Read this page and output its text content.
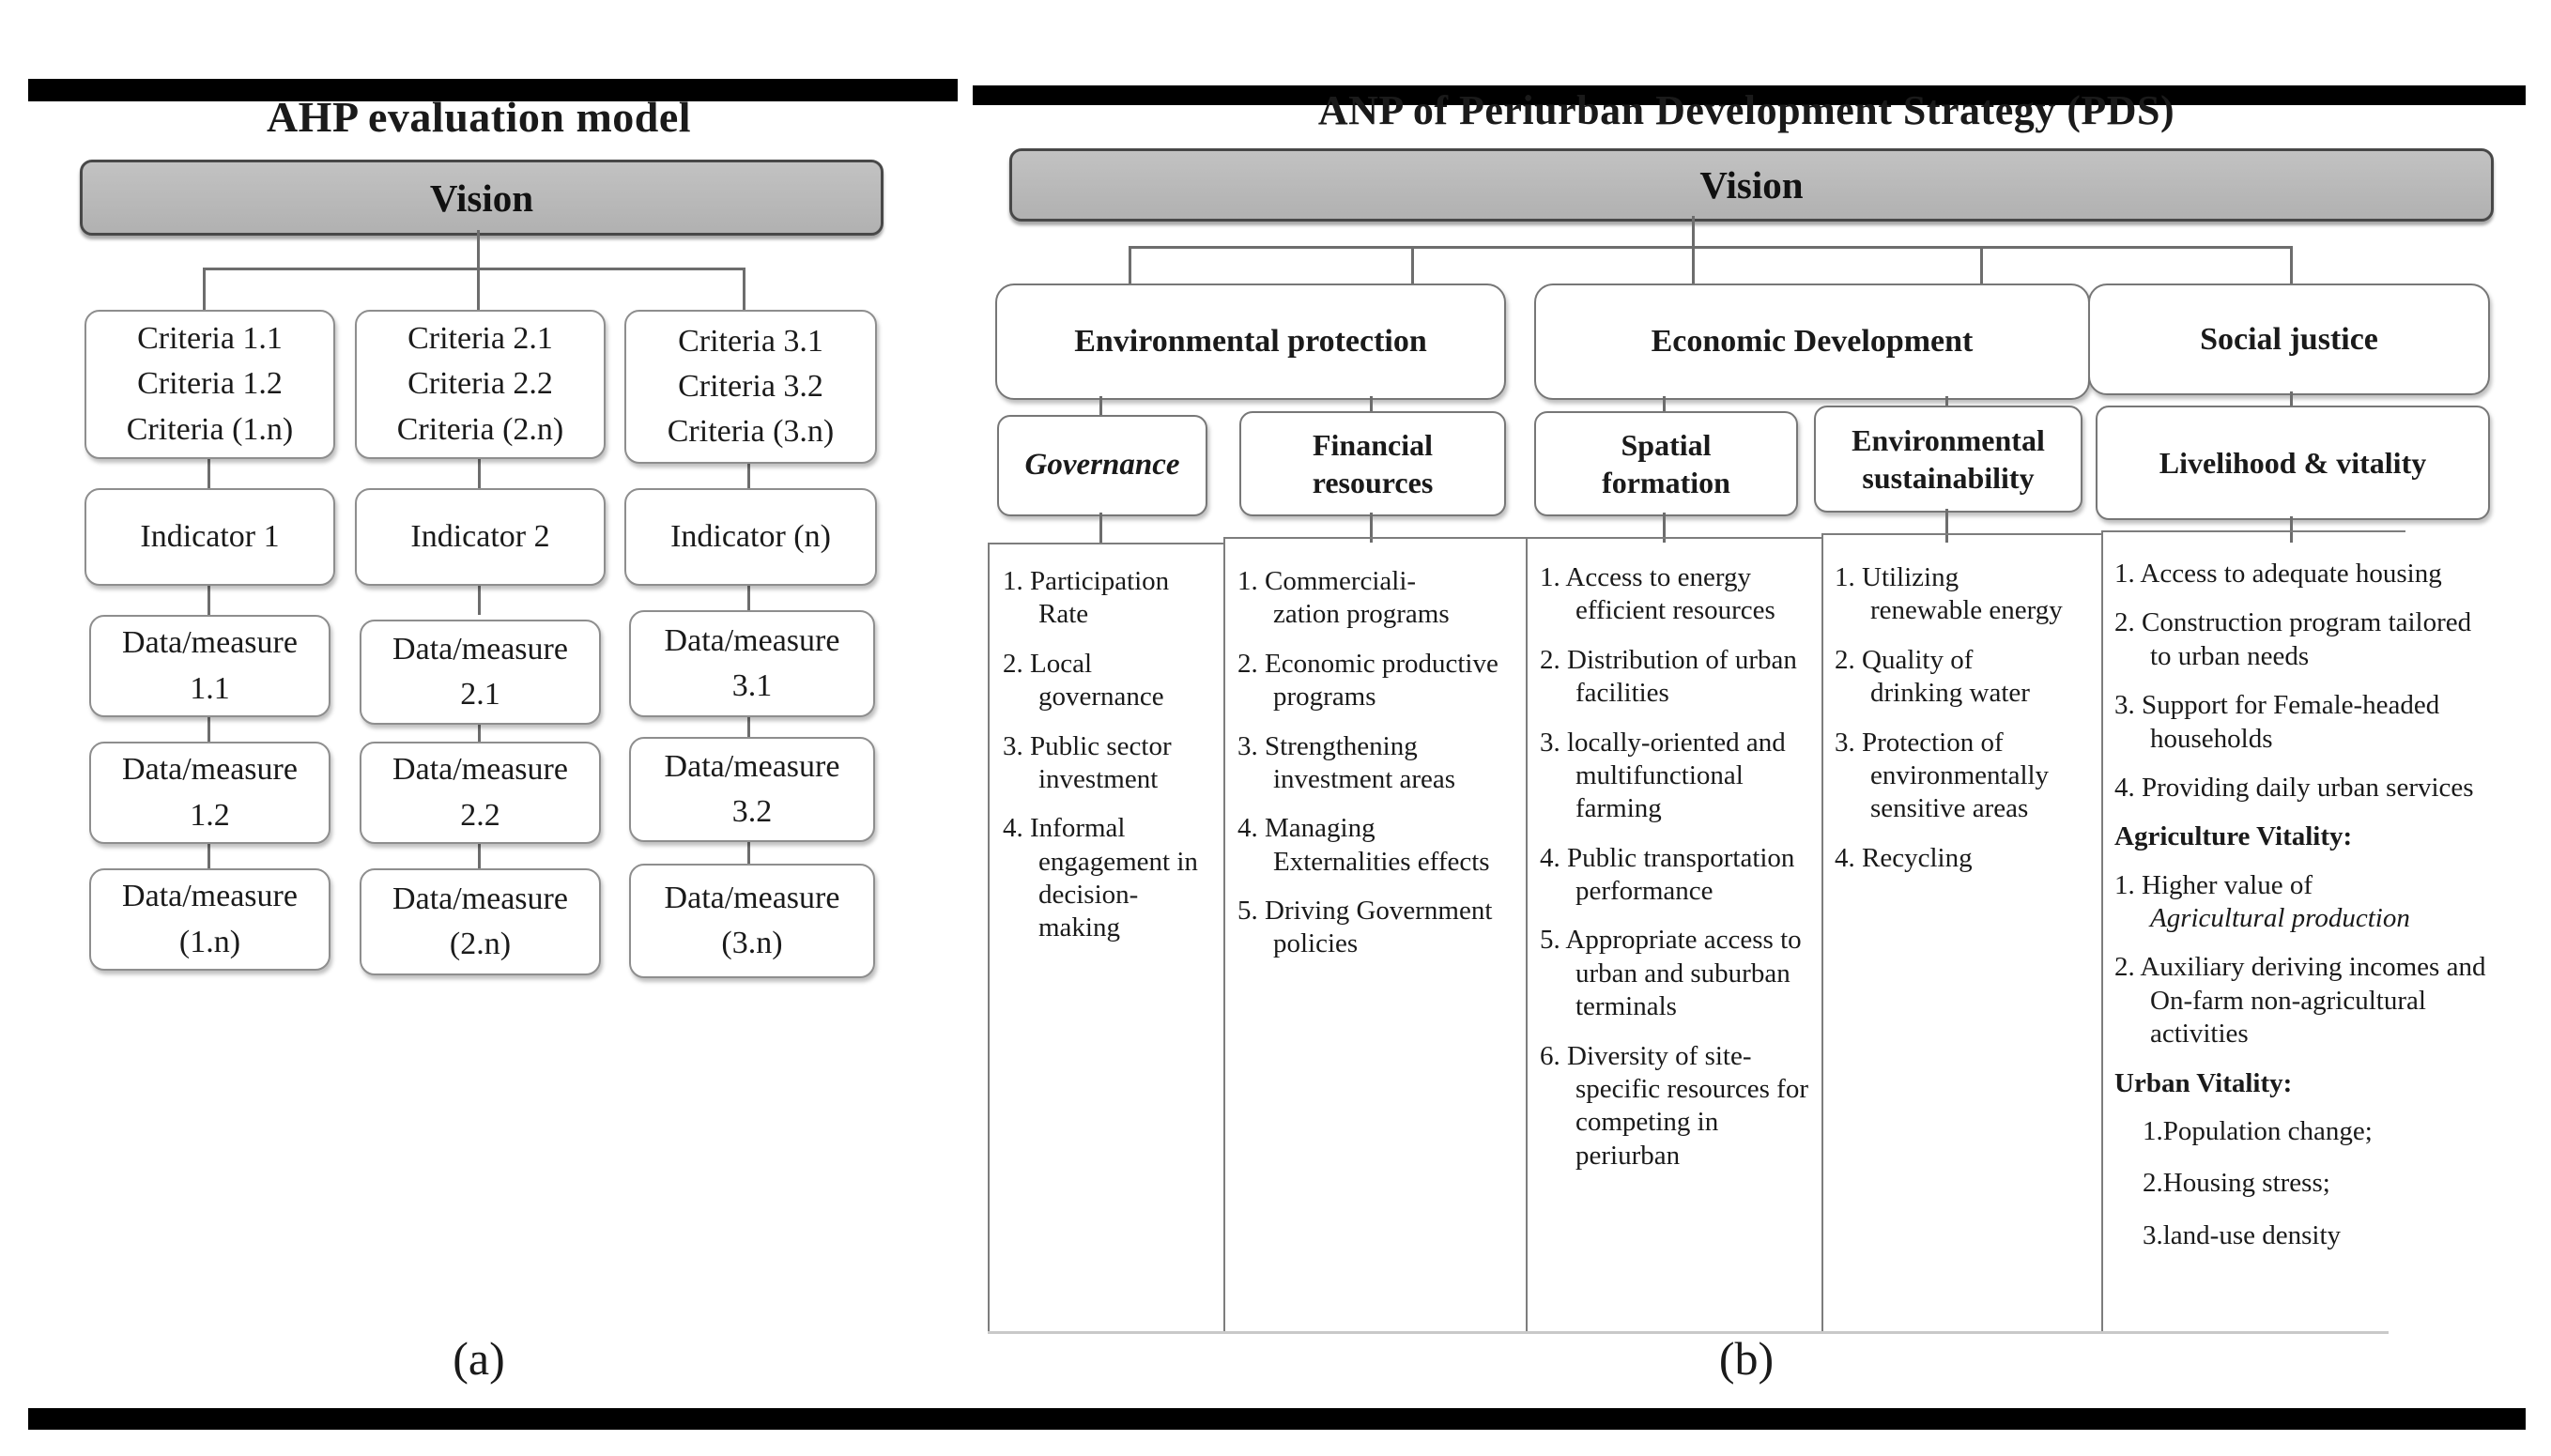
AHP evaluation model
Vision
Criteria 1.1
Criteria 1.2
Criteria (1.n)
Criteria 2.1
Criteria 2.2
Criteria (2.n)
Criteria 3.1
Criteria 3.2
Criteria (3.n)
Indicator 1	Indicator 2	Indicator (n)
Data/measure
1.1
Data/measure
2.1
Data/measure
3.1
Data/measure
1.2
Data/measure
2.2
Data/measure
3.2
Data/measure
(1.n)
Data/measure
(2.n)
Data/measure
(3.n)
ANP of Periurban Development Strategy (PDS)
Vision
Environmental protection	Economic Development	Social justice
Governance
Financial resources
Spatial formation
Environmental sustainability	Livelihood & vitality
1. Participation Rate
2. Local governance
3. Public sector investment
4. Informal engagement in decision-making
1. Commerciali-
zation programs
2. Economic productive programs
3. Strengthening investment areas
4. Managing Externalities effects
5. Driving Government policies
1. Access to energy efficient resources
2. Distribution of urban facilities
3. locally-oriented and multifunctional farming
4. Public transportation performance
5. Appropriate access to urban and suburban terminals
6. Diversity of site-specific resources for competing in periurban
1. Utilizing renewable energy
2. Quality of drinking water
3. Protection of environmentally sensitive areas
4. Recycling
1. Access to adequate housing
2. Construction program tailored to urban needs
3. Support for Female-headed households
4. Providing daily urban services
Agriculture Vitality:
1. Higher value of
Agricultural production
2. Auxiliary deriving incomes and On-farm non-agricultural activities
Urban Vitality:
1.Population change;
2.Housing stress;
3.land-use density
(a)	(b)
